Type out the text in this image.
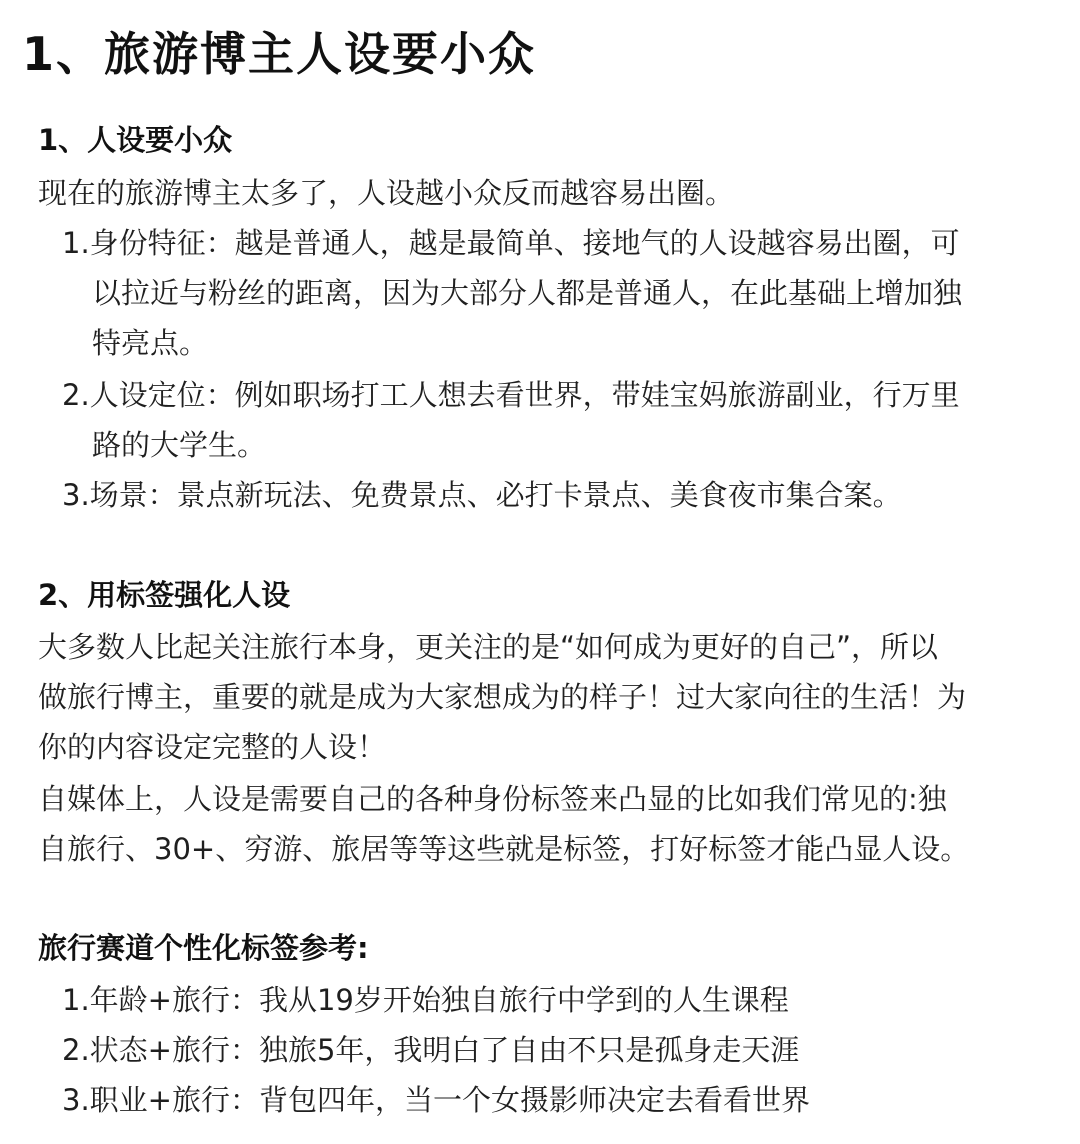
1、旅游博主人设要小众
1、人设要小众

现在的旅游博主太多了，人设越小众反而越容易出圈。

1.身份特征：越是普通人，越是最简单、接地气的人设越容易出圈，可
以拉近与粉丝的距离，因为大部分人都是普通人，在此基础上增加独
特亮点。
2.人设定位：例如职场打工人想去看世界，带娃宝妈旅游副业，行万里
路的大学生。
3.场景：景点新玩法、免费景点、必打卡景点、美食夜市集合案。
2、用标签强化人设

大多数人比起关注旅行本身，更关注的是“如何成为更好的自己”，所以
做旅行博主，重要的就是成为大家想成为的样子！过大家向往的生活！为
你的内容设定完整的人设！

自媒体上，人设是需要自己的各种身份标签来凸显的比如我们常见的:独
自旅行、30+、穷游、旅居等等这些就是标签，打好标签才能凸显人设。

旅行赛道个性化标签参考:
1.年龄+旅行：我从19岁开始独自旅行中学到的人生课程
2.状态+旅行：独旅5年，我明白了自由不只是孤身走天涯
3.职业+旅行：背包四年，当一个女摄影师决定去看看世界
